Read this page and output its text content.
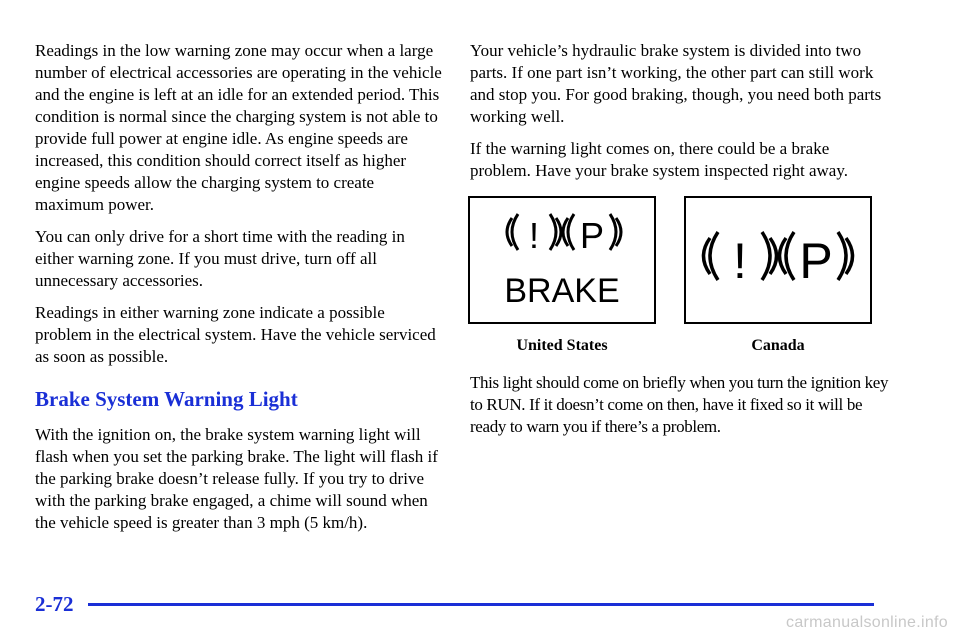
Readings in the low warning zone may occur when a large number of electrical accessories are operating in the vehicle and the engine is left at an idle for an extended period. This condition is normal since the charging system is not able to provide full power at engine idle. As engine speeds are increased, this condition should correct itself as higher engine speeds allow the charging system to create maximum power.

You can only drive for a short time with the reading in either warning zone. If you must drive, turn off all unnecessary accessories.

Readings in either warning zone indicate a possible problem in the electrical system. Have the vehicle serviced as soon as possible.

Brake System Warning Light

With the ignition on, the brake system warning light will flash when you set the parking brake. The light will flash if the parking brake doesn’t release fully. If you try to drive with the parking brake engaged, a chime will sound when the vehicle speed is greater than 3 mph (5 km/h).

Your vehicle’s hydraulic brake system is divided into two parts. If one part isn’t working, the other part can still work and stop you. For good braking, though, you need both parts working well.

If the warning light comes on, there could be a brake problem. Have your brake system inspected right away.

! P
BRAKE
! P
United States	Canada

This light should come on briefly when you turn the ignition key to RUN. If it doesn’t come on then, have it fixed so it will be ready to warn you if there’s a problem.

2-72
carmanualsonline.info
